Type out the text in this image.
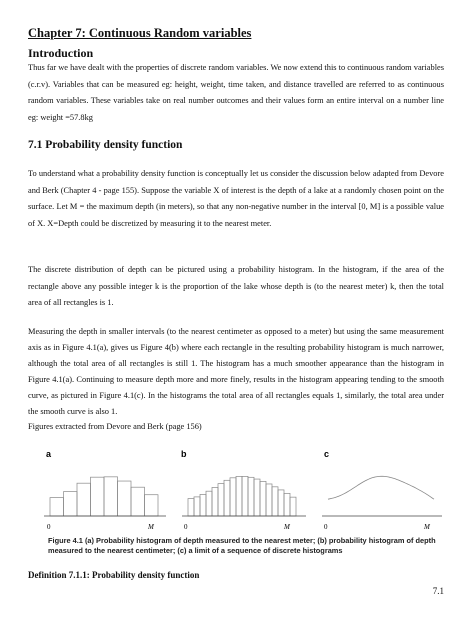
Chapter 7: Continuous Random variables
Introduction

Thus far we have dealt with the properties of discrete random variables. We now extend this to continuous random variables (c.r.v). Variables that can be measured eg: height, weight, time taken, and distance travelled are referred to as continuous random variables. These variables take on real number outcomes and their values form an entire interval on a number line eg: weight =57.8kg

7.1 Probability density function

To understand what a probability density function is conceptually let us consider the discussion below adapted from Devore and Berk (Chapter 4 - page 155). Suppose the variable X of interest is the depth of a lake at a randomly chosen point on the surface. Let M = the maximum depth (in meters), so that any non-negative number in the interval [0, M] is a possible value of X. X=Depth could be discretized by measuring it to the nearest meter.

The discrete distribution of depth can be pictured using a probability histogram. In the histogram, if the area of the rectangle above any possible integer k is the proportion of the lake whose depth is (to the nearest meter) k, then the total area of all rectangles is 1.

Measuring the depth in smaller intervals (to the nearest centimeter as opposed to a meter) but using the same measurement axis as in Figure 4.1(a), gives us Figure 4(b) where each rectangle in the resulting probability histogram is much narrower, although the total area of all rectangles is still 1. The histogram has a much smoother appearance than the histogram in Figure 4.1(a). Continuing to measure depth more and more finely, results in the histogram appearing tending to the smooth curve, as pictured in Figure 4.1(c). In the histograms the total area of all rectangles equals 1, similarly, the total area under the smooth curve is also 1.

Figures extracted from Devore and Berk (page 156)

a
0	M
b
0	M
c
0	M
Figure 4.1 (a) Probability histogram of depth measured to the nearest meter; (b) probability histogram of depth measured to the nearest centimeter; (c) a limit of a sequence of discrete histograms
Definition 7.1.1: Probability density function
7.1
